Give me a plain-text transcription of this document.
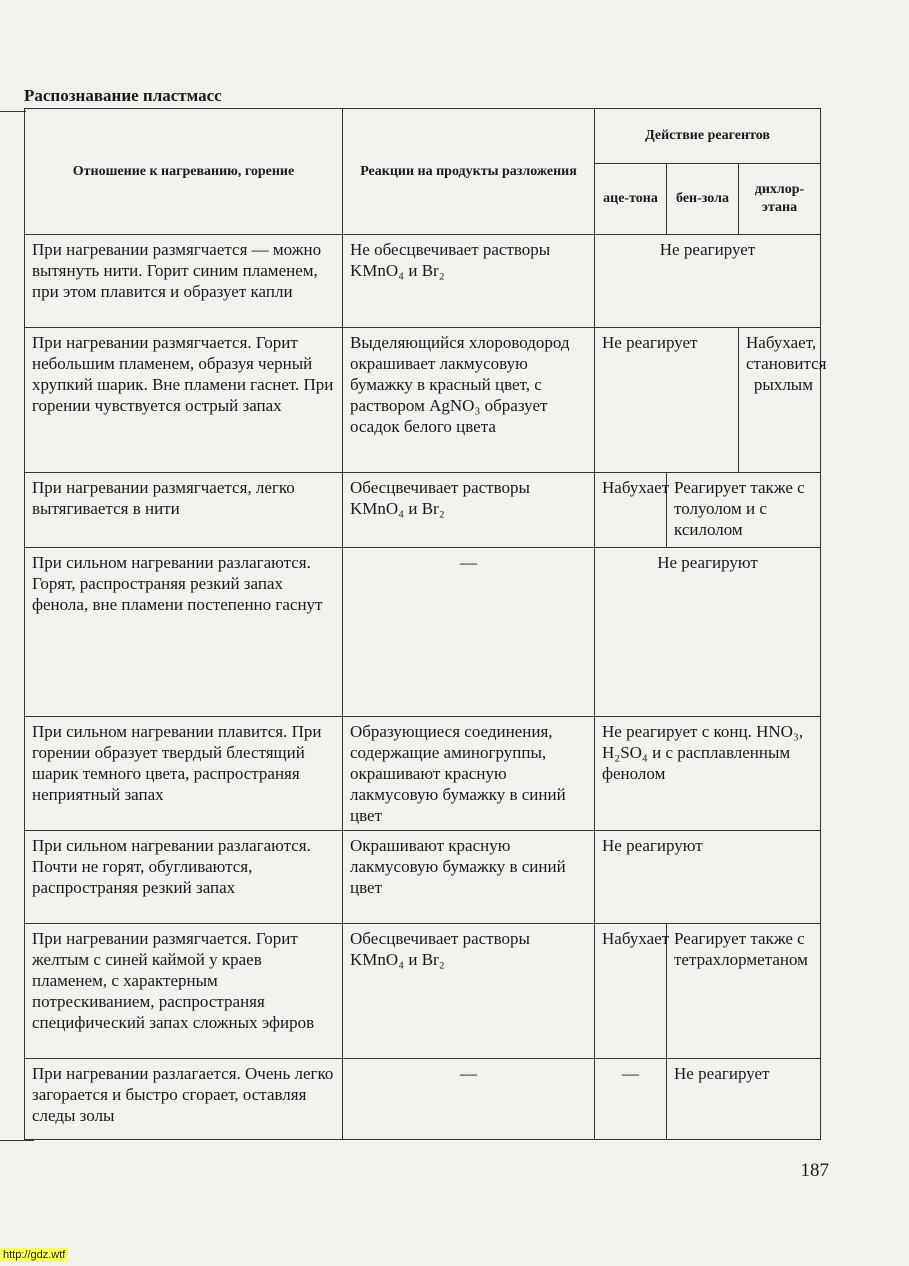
Распознавание пластмасс
Отношение к нагреванию, горение	Реакции на продукты разложения	Действие реагентов		
		аце-тона	бен-зола	дихлор-этана
При нагревании размягчается — можно вытянуть нити. Горит синим пламенем, при этом плавится и образует капли	Не обесцвечивает растворы KMnO₄ и Br₂	Не реагирует		
При нагревании размягчается. Горит небольшим пламенем, образуя черный хрупкий шарик. Вне пламени гаснет. При горении чувствуется острый запах	Выделяющийся хлороводород окрашивает лакмусовую бумажку в красный цвет, с раствором AgNO₃ образует осадок белого цвета	Не реагирует		Набухает, становится рыхлым
При нагревании размягчается, легко вытягивается в нити	Обесцвечивает растворы KMnO₄ и Br₂	Набухает	Реагирует также с толуолом и с ксилолом	
При сильном нагревании разлагаются. Горят, распространяя резкий запах фенола, вне пламени постепенно гаснут	—	Не реагируют		
При сильном нагревании плавится. При горении образует твердый блестящий шарик темного цвета, распространяя неприятный запах	Образующиеся соединения, содержащие аминогруппы, окрашивают красную лакмусовую бумажку в синий цвет	Не реагирует с конц. HNO₃, H₂SO₄ и с расплавленным фенолом		
При сильном нагревании разлагаются. Почти не горят, обугливаются, распространяя резкий запах	Окрашивают красную лакмусовую бумажку в синий цвет	Не реагируют		
При нагревании размягчается. Горит желтым с синей каймой у краев пламенем, с характерным потрескиванием, распространяя специфический запах сложных эфиров	Обесцвечивает растворы KMnO₄ и Br₂	Набухает	Реагирует также с тетрахлорметаном	
При нагревании разлагается. Очень легко загорается и быстро сгорает, оставляя следы золы	—	—	Не реагирует	
187
http://gdz.wtf
